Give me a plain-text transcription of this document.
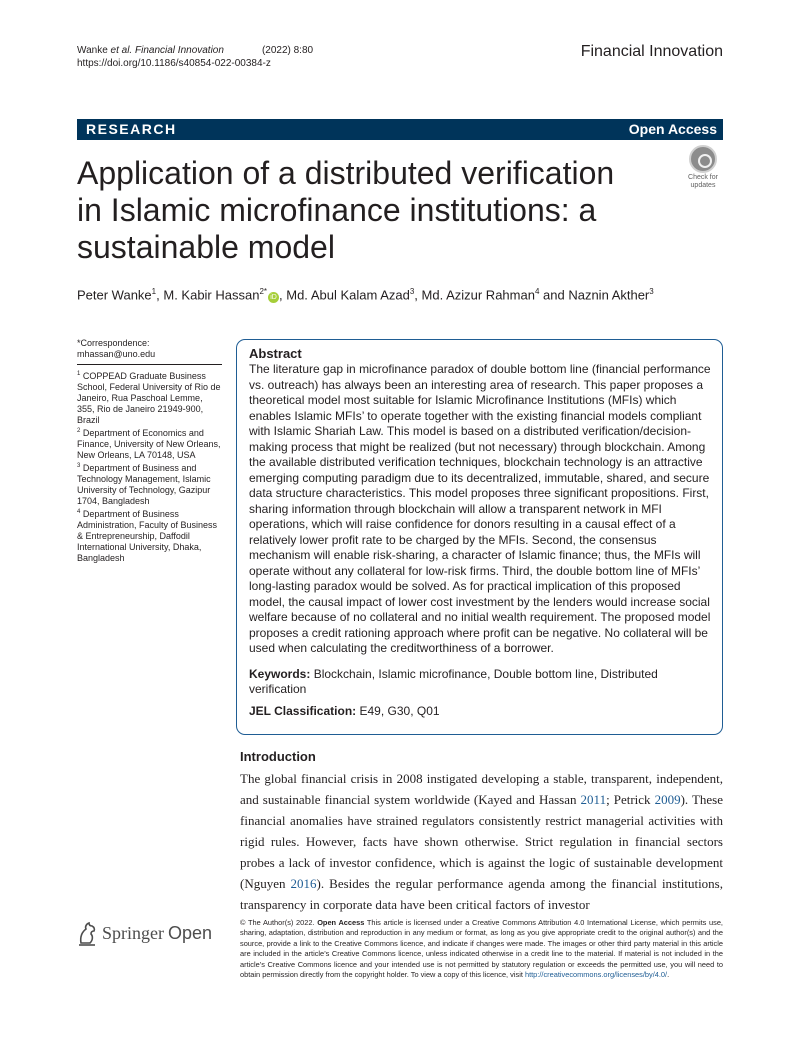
Wanke et al. Financial Innovation	(2022) 8:80
https://doi.org/10.1186/s40854-022-00384-z
Financial Innovation
RESEARCH	Open Access
Application of a distributed verification in Islamic microfinance institutions: a sustainable model
Check for
updates
Peter Wanke$^1$, M. Kabir Hassan$^{2*}$iD , Md. Abul Kalam Azad$^3$, Md. Azizur Rahman$^4$ and Naznin Akther$^3$
*Correspondence:
mhassan@uno.edu
$^1$ COPPEAD Graduate Business School, Federal University of Rio de Janeiro, Rua Paschoal Lemme, 355, Rio de Janeiro 21949-900, Brazil
$^2$ Department of Economics and Finance, University of New Orleans, New Orleans, LA 70148, USA
$^3$ Department of Business and Technology Management, Islamic University of Technology, Gazipur 1704, Bangladesh
$^4$ Department of Business Administration, Faculty of Business & Entrepreneurship, Daffodil International University, Dhaka, Bangladesh
Abstract
The literature gap in microfinance paradox of double bottom line (financial performance vs. outreach) has always been an interesting area of research. This paper proposes a theoretical model most suitable for Islamic Microfinance Institutions (MFIs) which enables Islamic MFIs’ to operate together with the existing financial models compliant with Islamic Shariah Law. This model is based on a distributed verification/decision-making process that might be realized (but not necessary) through blockchain. Among the available distributed verification techniques, blockchain technology is an attractive emerging computing paradigm due to its decentralized, immutable, shared, and secure data structure characteristics. This model proposes three significant propositions. First, sharing information through blockchain will allow a transparent network in MFI operations, which will raise confidence for donors resulting in a causal effect of a relatively lower profit rate to be charged by the MFIs. Second, the consensus mechanism will enable risk-sharing, a character of Islamic finance; thus, the MFIs will operate without any collateral for low-risk firms. Third, the double bottom line of MFIs’ long-lasting paradox would be solved. As for practical implication of this proposed model, the causal impact of lower cost investment by the lenders would increase social welfare because of no collateral and no initial wealth requirement. The proposed model proposes a credit rationing approach where profit can be negative. No collateral will be used when calculating the creditworthiness of a borrower.
Keywords: Blockchain, Islamic microfinance, Double bottom line, Distributed verification
JEL Classification: E49, G30, Q01
Introduction
The global financial crisis in 2008 instigated developing a stable, transparent, independent, and sustainable financial system worldwide (Kayed and Hassan 2011; Petrick 2009). These financial anomalies have strained regulators consistently restrict managerial activities with rigid rules. However, facts have shown otherwise. Strict regulation in financial sectors probes a lack of investor confidence, which is against the logic of sustainable development (Nguyen 2016). Besides the regular performance agenda among the financial institutions, transparency in corporate data have been critical factors of investor
Springer Open
© The Author(s) 2022. Open Access This article is licensed under a Creative Commons Attribution 4.0 International License, which permits use, sharing, adaptation, distribution and reproduction in any medium or format, as long as you give appropriate credit to the original author(s) and the source, provide a link to the Creative Commons licence, and indicate if changes were made. The images or other third party material in this article are included in the article’s Creative Commons licence, unless indicated otherwise in a credit line to the material. If material is not included in the article’s Creative Commons licence and your intended use is not permitted by statutory regulation or exceeds the permitted use, you will need to obtain permission directly from the copyright holder. To view a copy of this licence, visit http://creativecommons.org/licenses/by/4.0/.
